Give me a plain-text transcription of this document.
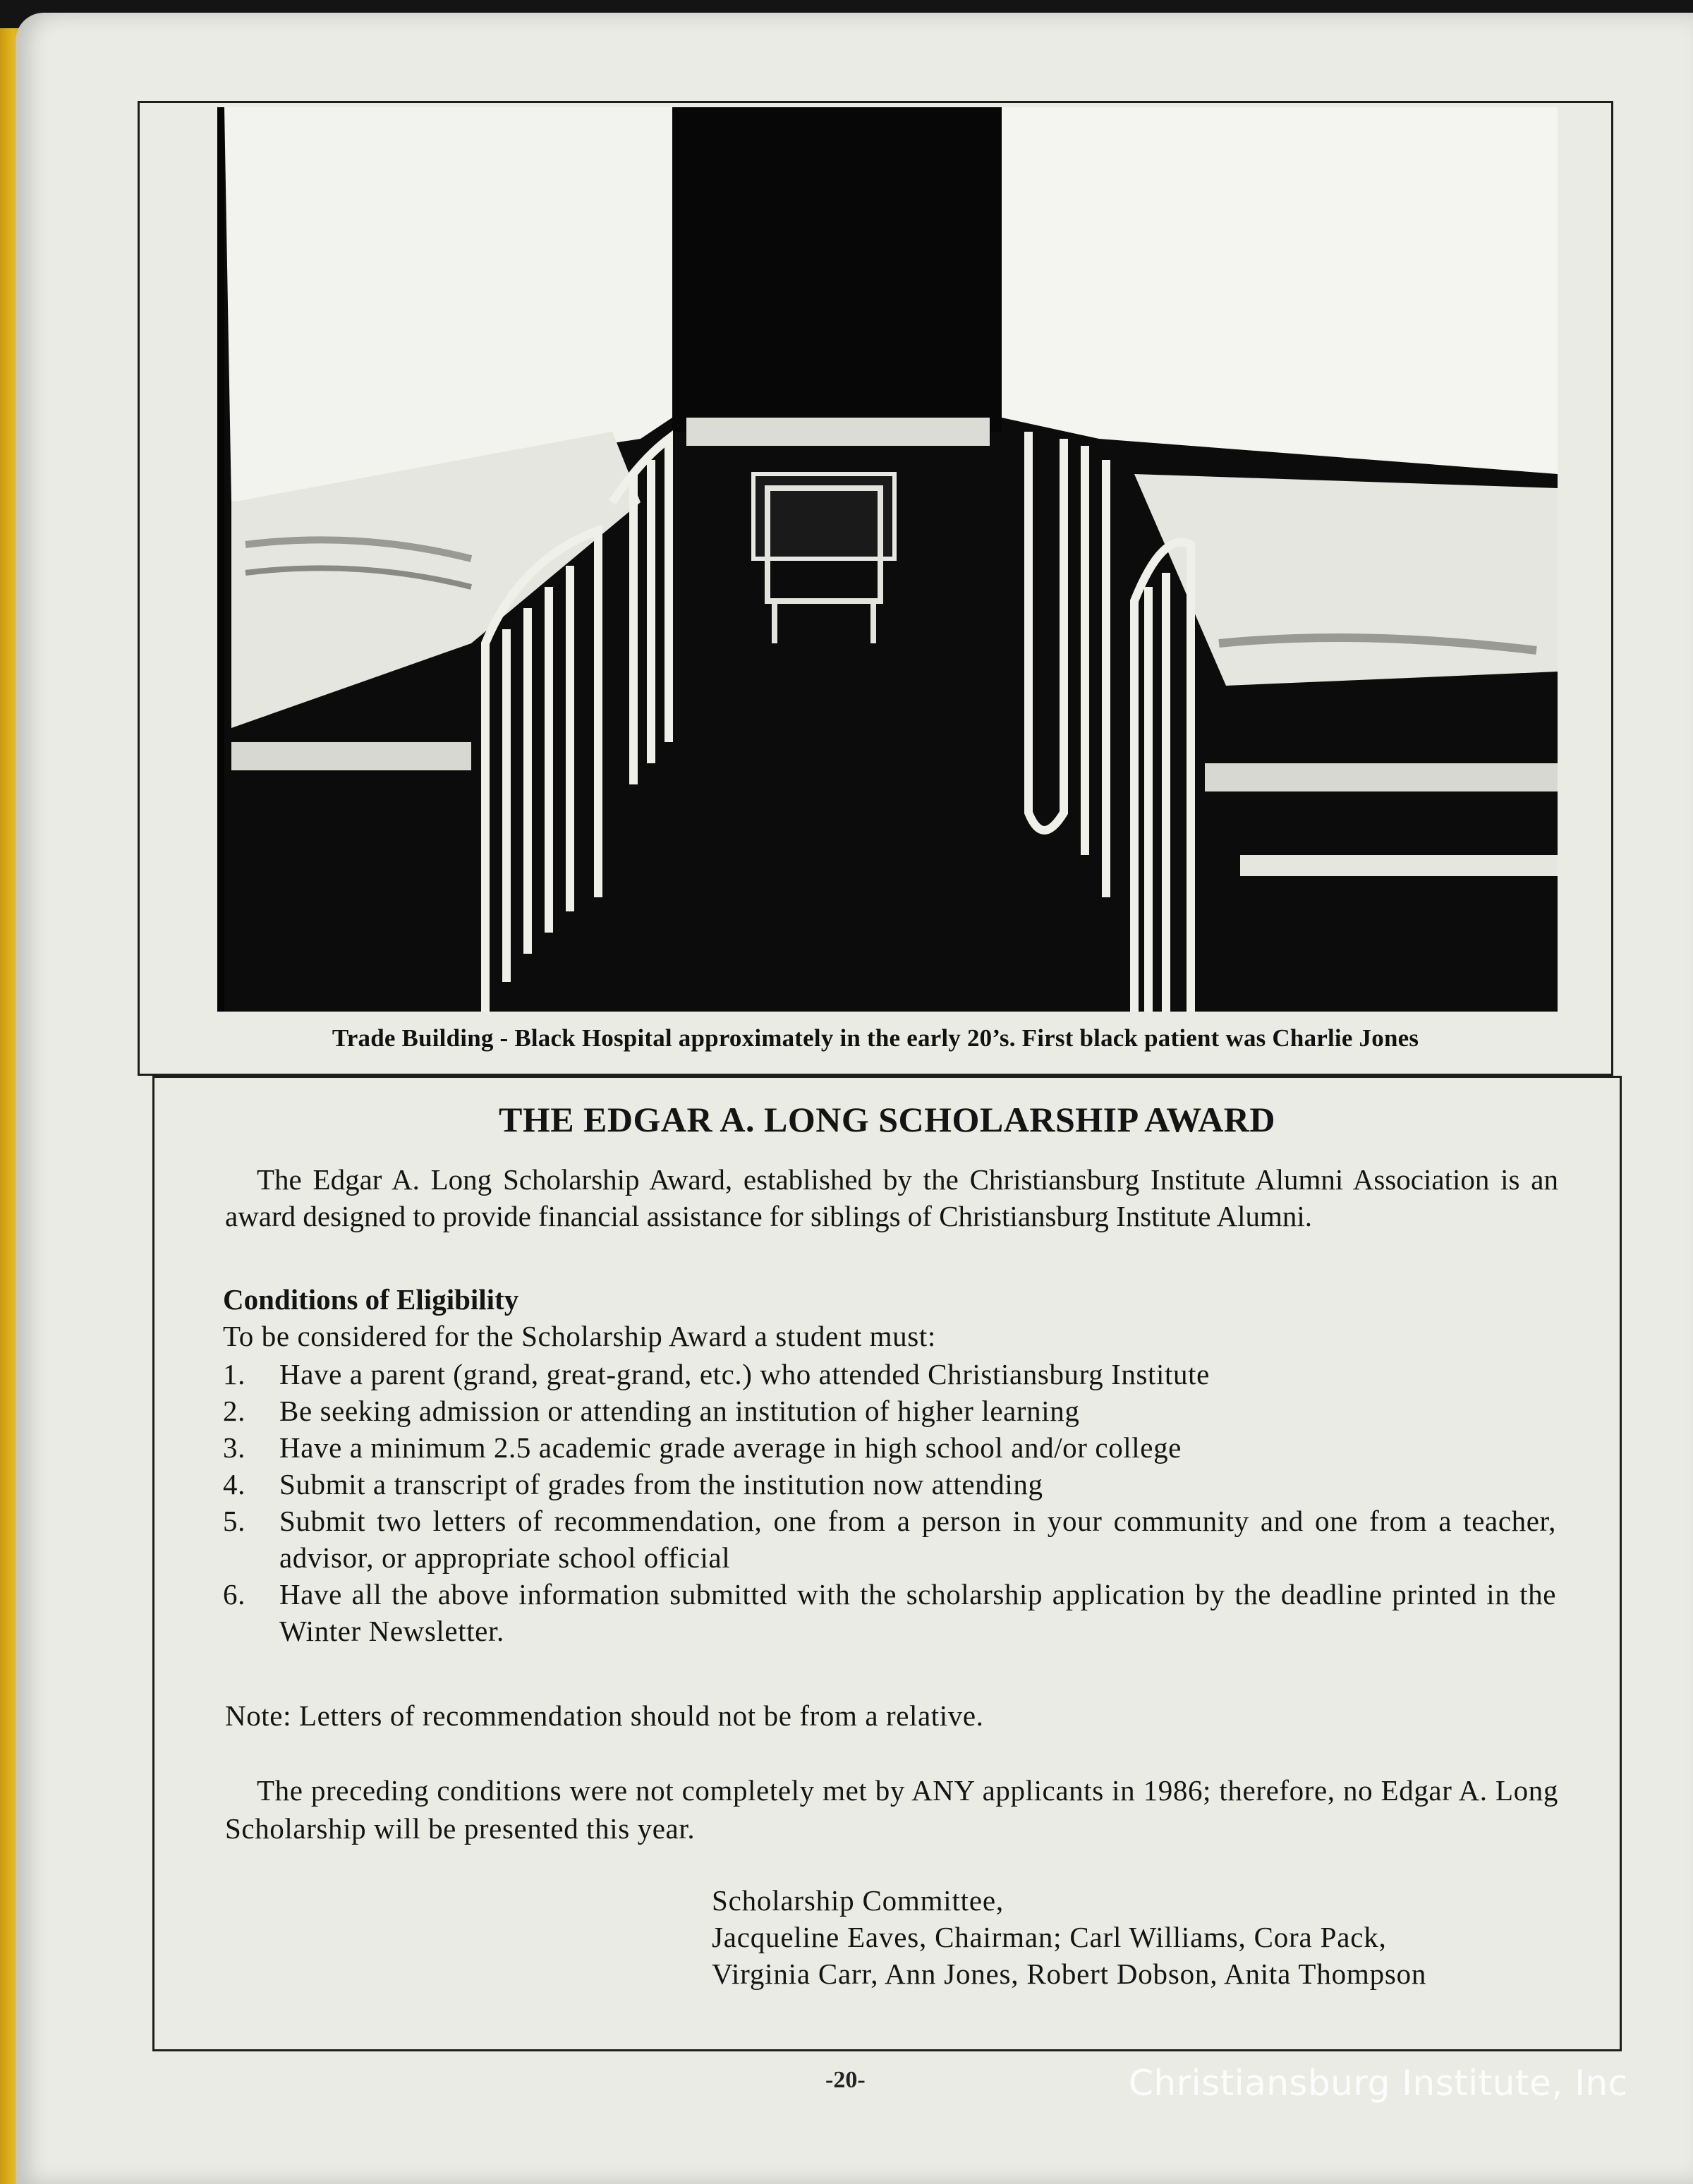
Trade Building - Black Hospital approximately in the early 20’s. First black patient was Charlie Jones
THE EDGAR A. LONG SCHOLARSHIP AWARD
The Edgar A. Long Scholarship Award, established by the Christiansburg Institute Alumni Association is an award designed to provide financial assistance for siblings of Christiansburg Institute Alumni.
Conditions of Eligibility
To be considered for the Scholarship Award a student must:
1. Have a parent (grand, great-grand, etc.) who attended Christiansburg Institute
2. Be seeking admission or attending an institution of higher learning
3. Have a minimum 2.5 academic grade average in high school and/or college
4. Submit a transcript of grades from the institution now attending
5. Submit two letters of recommendation, one from a person in your community and one from a teacher, advisor, or appropriate school official
6. Have all the above information submitted with the scholarship application by the deadline printed in the Winter Newsletter.
Note: Letters of recommendation should not be from a relative.
The preceding conditions were not completely met by ANY applicants in 1986; therefore, no Edgar A. Long Scholarship will be presented this year.
Scholarship Committee,
Jacqueline Eaves, Chairman; Carl Williams, Cora Pack,
Virginia Carr, Ann Jones, Robert Dobson, Anita Thompson
-20-	Christiansburg Institute, Inc
